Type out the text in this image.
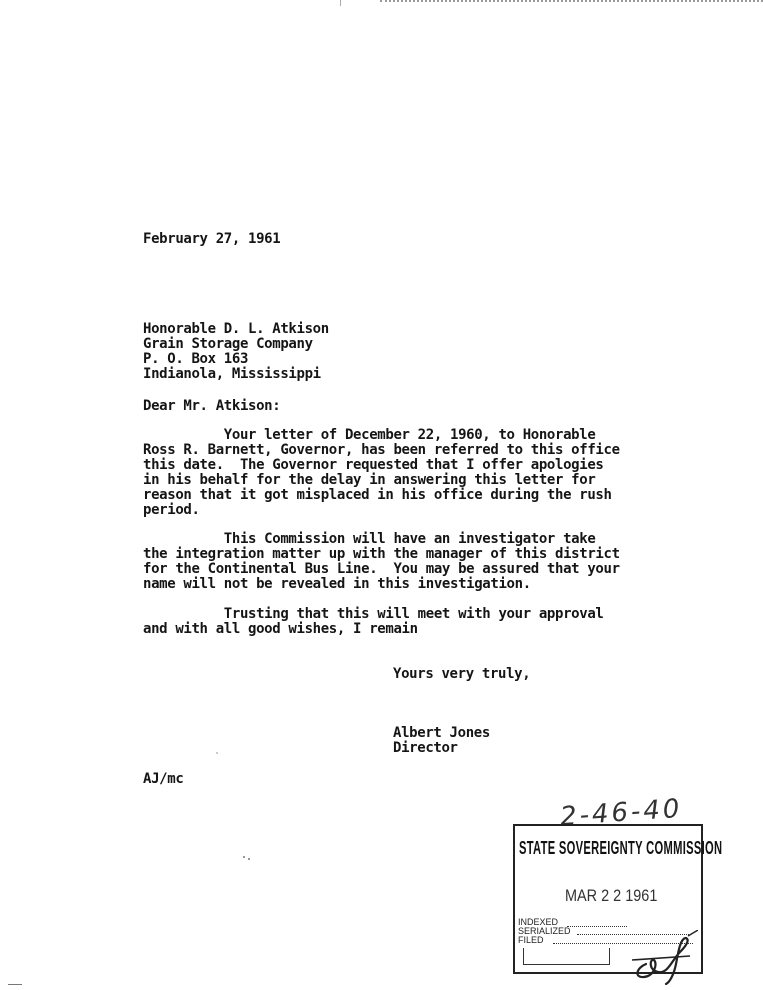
February 27, 1961
Honorable D. L. Atkison
Grain Storage Company
P. O. Box 163
Indianola, Mississippi
Dear Mr. Atkison:
Your letter of December 22, 1960, to Honorable
Ross R. Barnett, Governor, has been referred to this office
this date.  The Governor requested that I offer apologies
in his behalf for the delay in answering this letter for
reason that it got misplaced in his office during the rush
period.
This Commission will have an investigator take
the integration matter up with the manager of this district
for the Continental Bus Line.  You may be assured that your
name will not be revealed in this investigation.
Trusting that this will meet with your approval
and with all good wishes, I remain
Yours very truly,
Albert Jones
Director
AJ/mc
2-46-40
STATE SOVEREIGNTY COMMISSION
MAR 2 2 1961
INDEXED
SERIALIZED
FILED
